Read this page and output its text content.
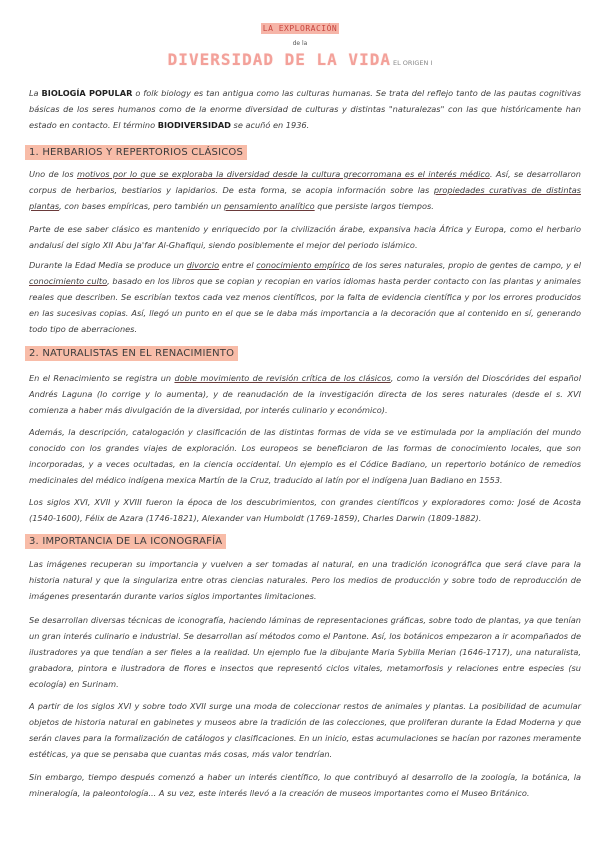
LA EXPLORACIÓN
de la
DIVERSIDAD DE LA VIDA EL ORIGEN I
La BIOLOGÍA POPULAR o folk biology es tan antigua como las culturas humanas. Se trata del reflejo tanto de las pautas cognitivas básicas de los seres humanos como de la enorme diversidad de culturas y distintas "naturalezas" con las que históricamente han estado en contacto. El término BIODIVERSIDAD se acuñó en 1936.
1. HERBARIOS Y REPERTORIOS CLÁSICOS
Uno de los motivos por lo que se exploraba la diversidad desde la cultura grecorromana es el interés médico. Así, se desarrollaron corpus de herbarios, bestiarios y lapidarios. De esta forma, se acopia información sobre las propiedades curativas de distintas plantas, con bases empíricas, pero también un pensamiento analítico que persiste largos tiempos.
Parte de ese saber clásico es mantenido y enriquecido por la civilización árabe, expansiva hacia África y Europa, como el herbario andalusí del siglo XII Abu Ja'far Al-Ghafiqui, siendo posiblemente el mejor del periodo islámico.
Durante la Edad Media se produce un divorcio entre el conocimiento empírico de los seres naturales, propio de gentes de campo, y el conocimiento culto, basado en los libros que se copian y recopian en varios idiomas hasta perder contacto con las plantas y animales reales que describen. Se escribían textos cada vez menos científicos, por la falta de evidencia científica y por los errores producidos en las sucesivas copias. Así, llegó un punto en el que se le daba más importancia a la decoración que al contenido en sí, generando todo tipo de aberraciones.
2. NATURALISTAS EN EL RENACIMIENTO
En el Renacimiento se registra un doble movimiento de revisión crítica de los clásicos, como la versión del Dioscórides del español Andrés Laguna (lo corrige y lo aumenta), y de reanudación de la investigación directa de los seres naturales (desde el s. XVI comienza a haber más divulgación de la diversidad, por interés culinario y económico).
Además, la descripción, catalogación y clasificación de las distintas formas de vida se ve estimulada por la ampliación del mundo conocido con los grandes viajes de exploración. Los europeos se beneficiaron de las formas de conocimiento locales, que son incorporadas, y a veces ocultadas, en la ciencia occidental. Un ejemplo es el Códice Badiano, un repertorio botánico de remedios medicinales del médico indígena mexica Martín de la Cruz, traducido al latín por el indígena Juan Badiano en 1553.
Los siglos XVI, XVII y XVIII fueron la época de los descubrimientos, con grandes científicos y exploradores como: José de Acosta (1540-1600), Félix de Azara (1746-1821), Alexander van Humboldt (1769-1859), Charles Darwin (1809-1882).
3. IMPORTANCIA DE LA ICONOGRAFÍA
Las imágenes recuperan su importancia y vuelven a ser tomadas al natural, en una tradición iconográfica que será clave para la historia natural y que la singulariza entre otras ciencias naturales. Pero los medios de producción y sobre todo de reproducción de imágenes presentarán durante varios siglos importantes limitaciones.
Se desarrollan diversas técnicas de iconografía, haciendo láminas de representaciones gráficas, sobre todo de plantas, ya que tenían un gran interés culinario e industrial. Se desarrollan así métodos como el Pantone. Así, los botánicos empezaron a ir acompañados de ilustradores ya que tendían a ser fieles a la realidad. Un ejemplo fue la dibujante Maria Sybilla Merian (1646-1717), una naturalista, grabadora, pintora e ilustradora de flores e insectos que representó ciclos vitales, metamorfosis y relaciones entre especies (su ecología) en Surinam.
A partir de los siglos XVI y sobre todo XVII surge una moda de coleccionar restos de animales y plantas. La posibilidad de acumular objetos de historia natural en gabinetes y museos abre la tradición de las colecciones, que proliferan durante la Edad Moderna y que serán claves para la formalización de catálogos y clasificaciones. En un inicio, estas acumulaciones se hacían por razones meramente estéticas, ya que se pensaba que cuantas más cosas, más valor tendrían.
Sin embargo, tiempo después comenzó a haber un interés científico, lo que contribuyó al desarrollo de la zoología, la botánica, la mineralogía, la paleontología... A su vez, este interés llevó a la creación de museos importantes como el Museo Británico.
